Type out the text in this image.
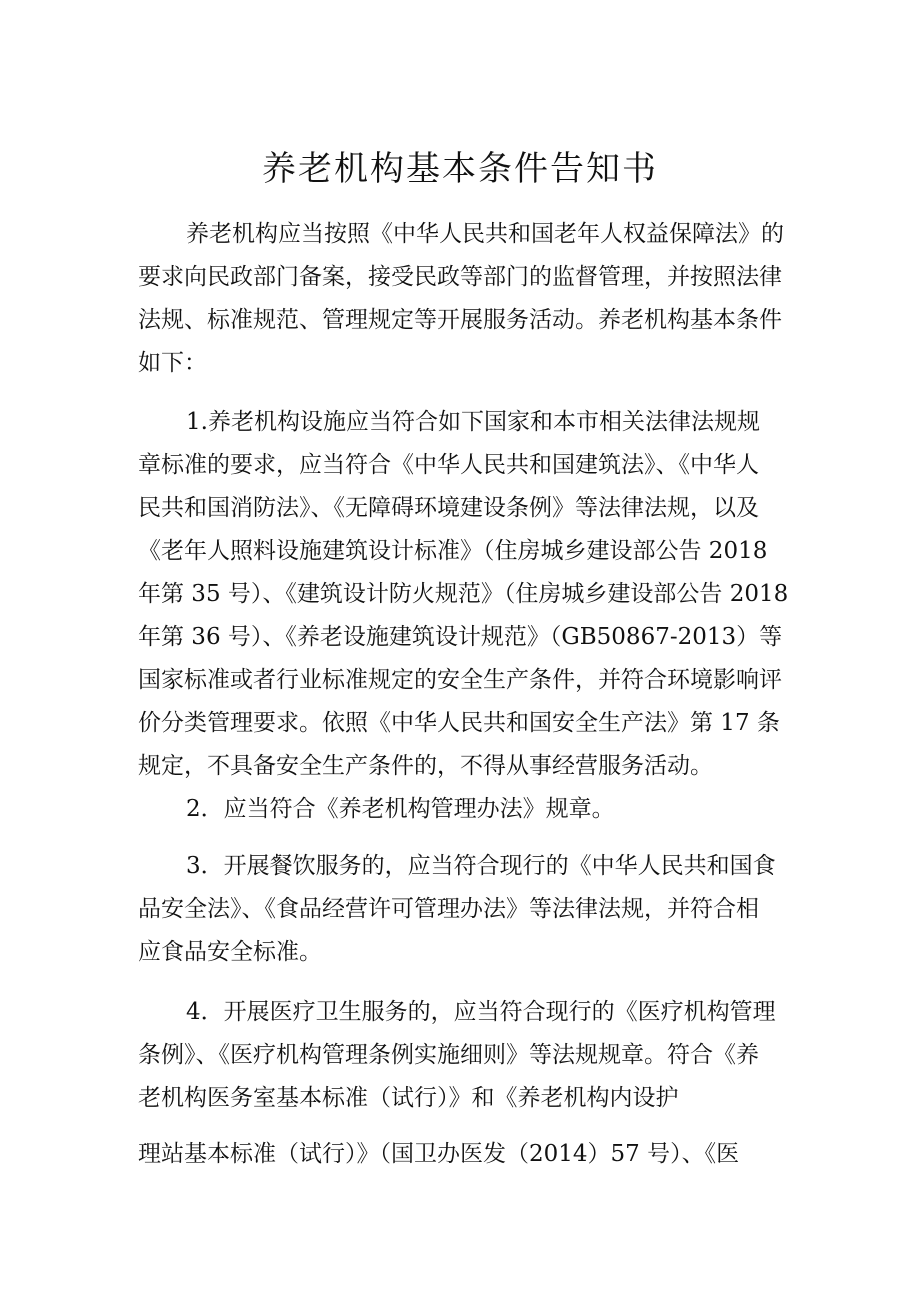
养老机构基本条件告知书

养老机构应当按照《中华人民共和国老年人权益保障法》的

要求向民政部门备案，接受民政等部门的监督管理，并按照法律

法规、标准规范、管理规定等开展服务活动。养老机构基本条件

如下：

1.养老机构设施应当符合如下国家和本市相关法律法规规

章标准的要求，应当符合《中华人民共和国建筑法》、《中华人

民共和国消防法》、《无障碍环境建设条例》等法律法规，以及

《老年人照料设施建筑设计标准》（住房城乡建设部公告 2018

年第 35 号）、《建筑设计防火规范》（住房城乡建设部公告 2018

年第 36 号）、《养老设施建筑设计规范》（GB50867-2013）等

国家标准或者行业标准规定的安全生产条件，并符合环境影响评

价分类管理要求。依照《中华人民共和国安全生产法》第 17 条

规定，不具备安全生产条件的，不得从事经营服务活动。

2．应当符合《养老机构管理办法》规章。

3．开展餐饮服务的，应当符合现行的《中华人民共和国食

品安全法》、《食品经营许可管理办法》等法律法规，并符合相

应食品安全标准。

4．开展医疗卫生服务的，应当符合现行的《医疗机构管理

条例》、《医疗机构管理条例实施细则》等法规规章。符合《养

老机构医务室基本标准（试行）》和《养老机构内设护

理站基本标准（试行）》（国卫办医发（2014）57 号）、《医
